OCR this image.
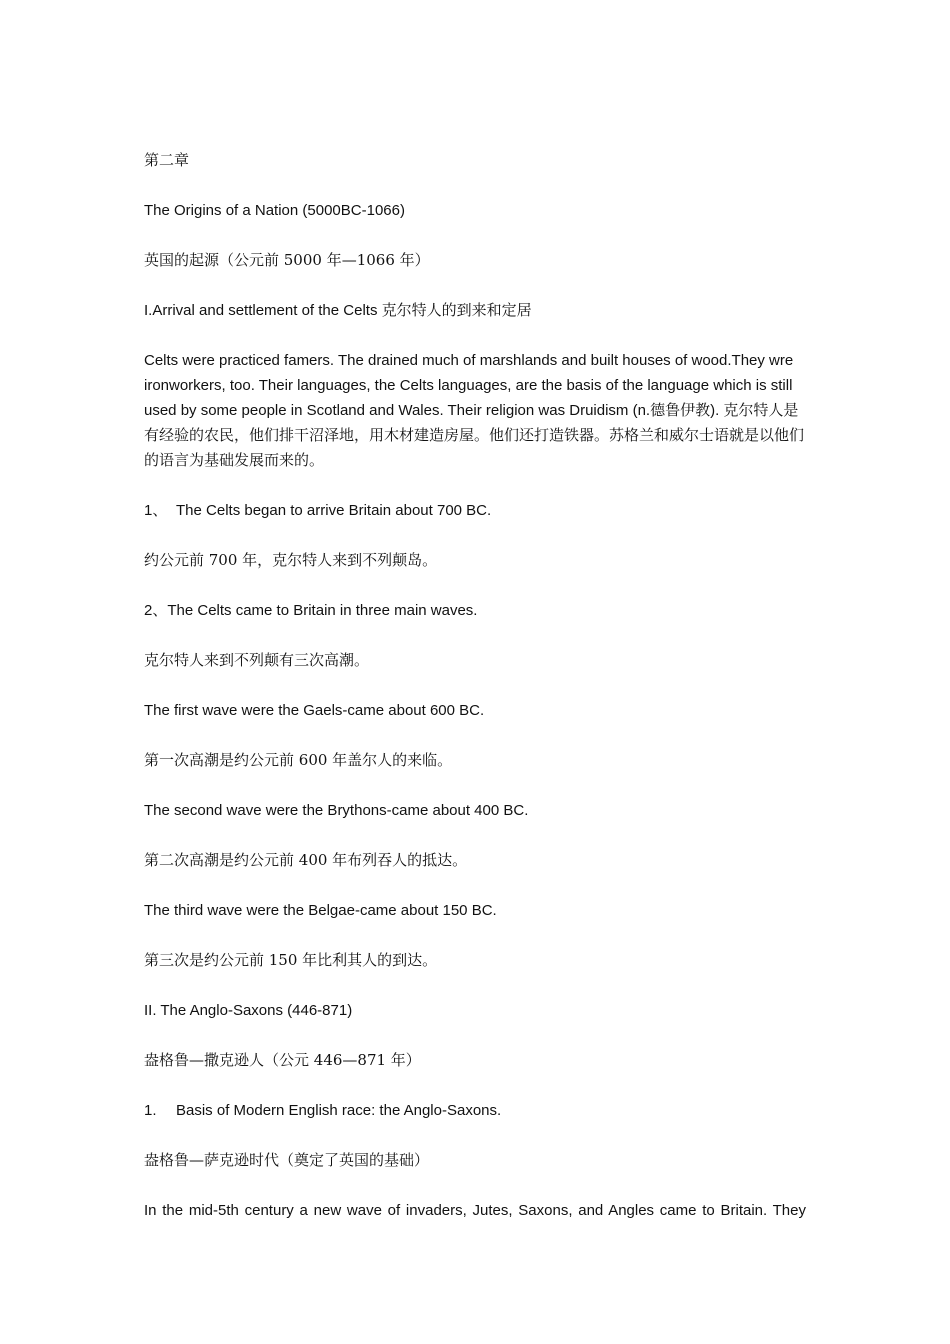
第二章

The Origins of a Nation (5000BC-1066)

英国的起源（公元前 5000 年—1066 年）

I.Arrival and settlement of the Celts 克尔特人的到来和定居

Celts were practiced famers. The drained much of marshlands and built houses of wood.They wre ironworkers, too. Their languages, the Celts languages, are the basis of the language which is still used by some people in Scotland and Wales. Their religion was Druidism (n.德鲁伊教). 克尔特人是有经验的农民，他们排干沼泽地，用木材建造房屋。他们还打造铁器。苏格兰和威尔士语就是以他们的语言为基础发展而来的。

1、 The Celts began to arrive Britain about 700 BC.

约公元前 700 年，克尔特人来到不列颠岛。

2、The Celts came to Britain in three main waves.

克尔特人来到不列颠有三次高潮。

The first wave were the Gaels-came about 600 BC.

第一次高潮是约公元前 600 年盖尔人的来临。

The second wave were the Brythons-came about 400 BC.

第二次高潮是约公元前 400 年布列吞人的抵达。

The third wave were the Belgae-came about 150 BC.

第三次是约公元前 150 年比利其人的到达。

II. The Anglo-Saxons (446-871)

盎格鲁—撒克逊人（公元 446—871 年）

1.	Basis of Modern English race: the Anglo-Saxons.

盎格鲁—萨克逊时代（奠定了英国的基础）

In the mid-5th century a new wave of invaders, Jutes, Saxons, and Angles came to Britain. They
